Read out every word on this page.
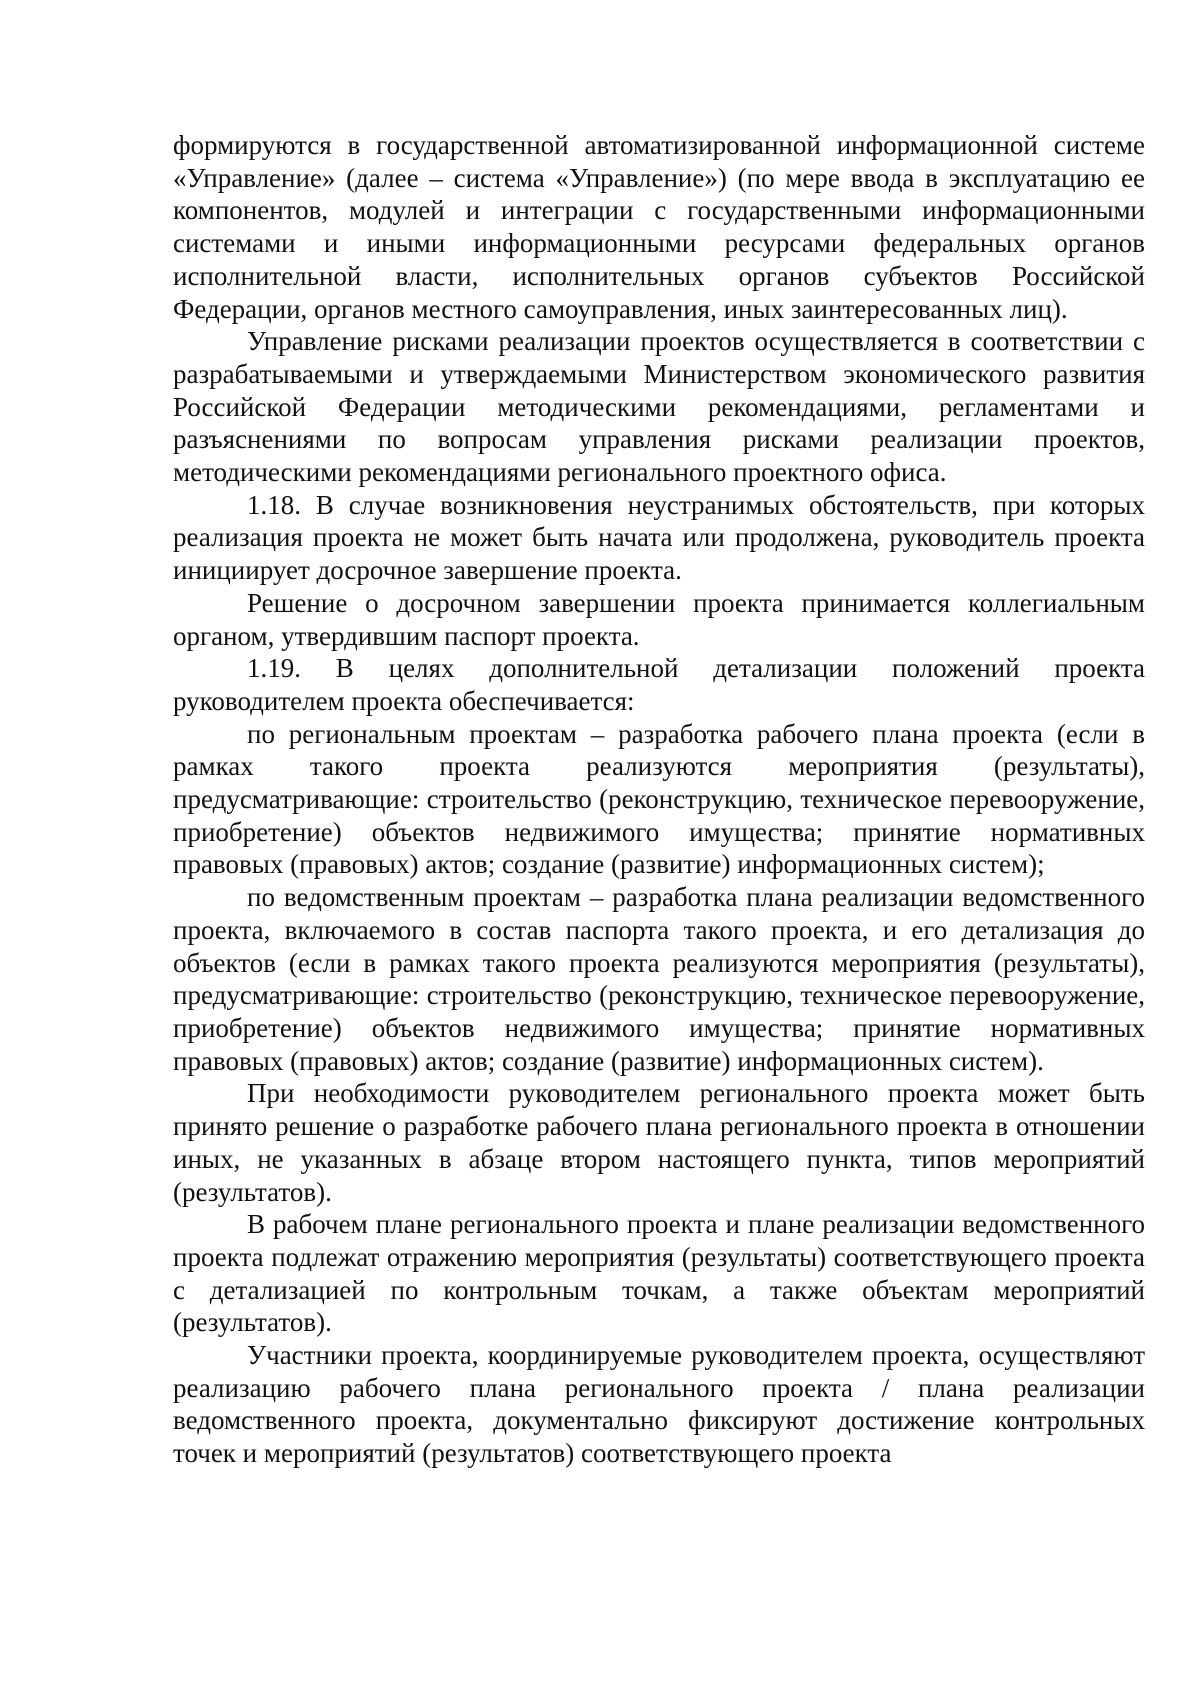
формируются в государственной автоматизированной информационной системе «Управление» (далее – система «Управление») (по мере ввода в эксплуатацию ее компонентов, модулей и интеграции с государственными информационными системами и иными информационными ресурсами федеральных органов исполнительной власти, исполнительных органов субъектов Российской Федерации, органов местного самоуправления, иных заинтересованных лиц).

Управление рисками реализации проектов осуществляется в соответствии с разрабатываемыми и утверждаемыми Министерством экономического развития Российской Федерации методическими рекомендациями, регламентами и разъяснениями по вопросам управления рисками реализации проектов, методическими рекомендациями регионального проектного офиса.

1.18. В случае возникновения неустранимых обстоятельств, при которых реализация проекта не может быть начата или продолжена, руководитель проекта инициирует досрочное завершение проекта.

Решение о досрочном завершении проекта принимается коллегиальным органом, утвердившим паспорт проекта.

1.19. В целях дополнительной детализации положений проекта руководителем проекта обеспечивается:

по региональным проектам – разработка рабочего плана проекта (если в рамках такого проекта реализуются мероприятия (результаты), предусматривающие: строительство (реконструкцию, техническое перевооружение, приобретение) объектов недвижимого имущества; принятие нормативных правовых (правовых) актов; создание (развитие) информационных систем);

по ведомственным проектам – разработка плана реализации ведомственного проекта, включаемого в состав паспорта такого проекта, и его детализация до объектов (если в рамках такого проекта реализуются мероприятия (результаты), предусматривающие: строительство (реконструкцию, техническое перевооружение, приобретение) объектов недвижимого имущества; принятие нормативных правовых (правовых) актов; создание (развитие) информационных систем).

При необходимости руководителем регионального проекта может быть принято решение о разработке рабочего плана регионального проекта в отношении иных, не указанных в абзаце втором настоящего пункта, типов мероприятий (результатов).

В рабочем плане регионального проекта и плане реализации ведомственного проекта подлежат отражению мероприятия (результаты) соответствующего проекта с детализацией по контрольным точкам, а также объектам мероприятий (результатов).

Участники проекта, координируемые руководителем проекта, осуществляют реализацию рабочего плана регионального проекта / плана реализации ведомственного проекта, документально фиксируют достижение контрольных точек и мероприятий (результатов) соответствующего проекта
